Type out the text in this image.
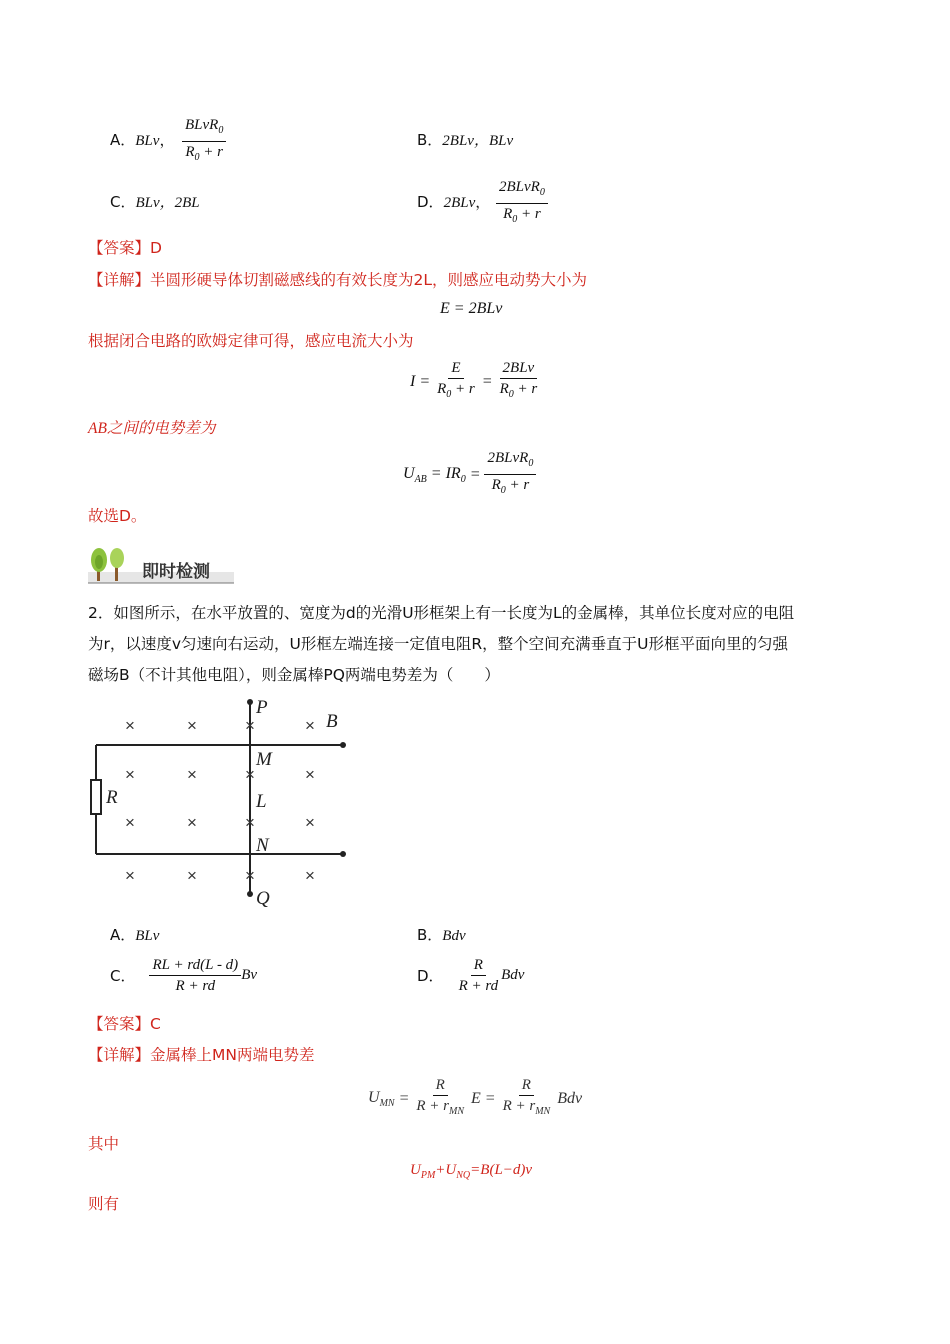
A．BLv， $\frac{BLvR_0}{R_0 + r}$	B．2BLv，BLv
C．BLv，2BL	D．2BLv， $\frac{2BLvR_0}{R_0 + r}$
【答案】D
【详解】半圆形硬导体切割磁感线的有效长度为2L，则感应电动势大小为
E = 2BLv
根据闭合电路的欧姆定律可得，感应电流大小为
$I = \frac{E}{R_0 + r} = \frac{\text{2BLv}}{R_0 + r}$
AB之间的电势差为
$U_{AB} = IR_0 = \frac{2BLvR_0}{R_0 + r}$
故选D。
即时检测
2．如图所示，在水平放置的、宽度为d的光滑U形框架上有一长度为L的金属棒，其单位长度对应的电阻
为r，以速度v匀速向右运动，U形框左端连接一定值电阻R，整个空间充满垂直于U形框平面向里的匀强
磁场B（不计其他电阻），则金属棒PQ两端电势差为（　　）
×	×	×	×
×	×	×	×
×	×	×	×
×	×	×	×
P
B
M
L
R
N
Q
A．BLv	B．Bdv
C． $\frac{RL + rd(L - d)}{R + rd}$ Bv	D． $\frac{R}{R + rd}$ Bdv
【答案】C
【详解】金属棒上MN两端电势差
$U_{MN} = \frac{R}{R + r_{MN}}$ $E = \frac{R}{R + r_{MN}}$ Bdv
其中
$U_{PM}+U_{NQ}=B(L-d)v$
则有
